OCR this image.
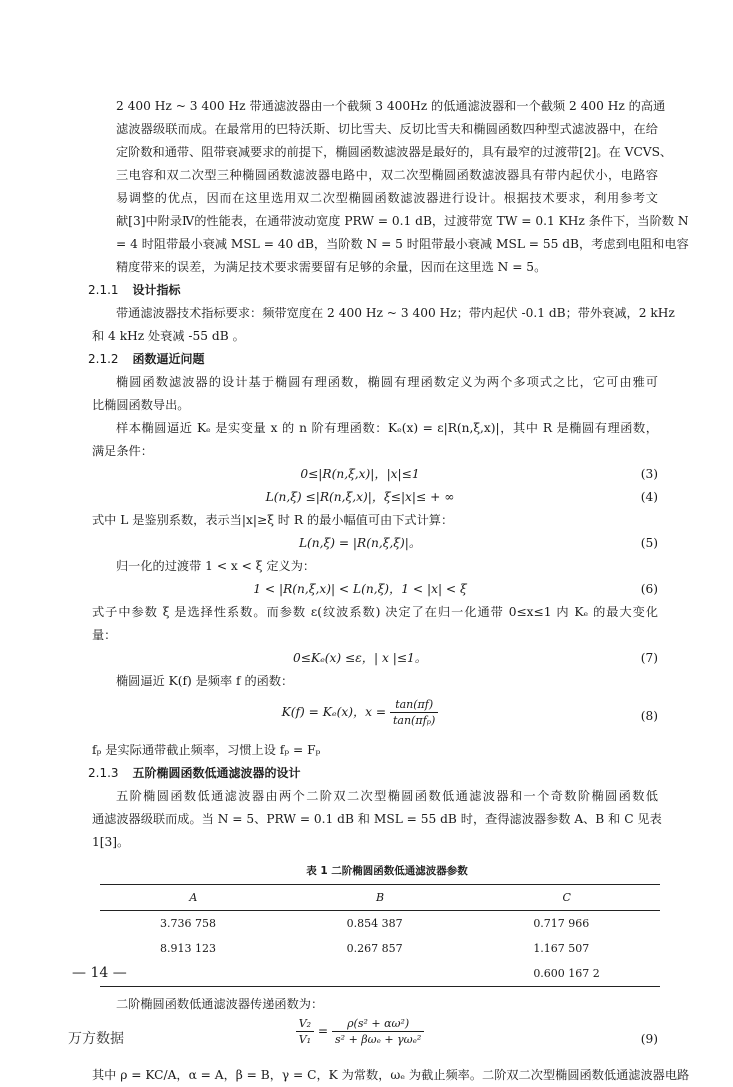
2 400 Hz ~ 3 400 Hz 带通滤波器由一个截频 3 400Hz 的低通滤波器和一个截频 2 400 Hz 的高通
滤波器级联而成。在最常用的巴特沃斯、切比雪夫、反切比雪夫和椭圆函数四种型式滤波器中，在给
定阶数和通带、阻带衰减要求的前提下，椭圆函数滤波器是最好的，具有最窄的过渡带[2]。在 VCVS、
三电容和双二次型三种椭圆函数滤波器电路中，双二次型椭圆函数滤波器具有带内起伏小，电路容
易调整的优点，因而在这里选用双二次型椭圆函数滤波器进行设计。根据技术要求，利用参考文
献[3]中附录Ⅳ的性能表，在通带波动宽度 PRW = 0.1 dB，过渡带宽 TW = 0.1 KHz 条件下，当阶数 N
= 4 时阻带最小衰减 MSL = 40 dB，当阶数 N = 5 时阻带最小衰减 MSL = 55 dB，考虑到电阻和电容
精度带来的误差，为满足技术要求需要留有足够的余量，因而在这里选 N = 5。

2.1.1 设计指标

带通滤波器技术指标要求：频带宽度在 2 400 Hz ~ 3 400 Hz；带内起伏 -0.1 dB；带外衰减，2 kHz
和 4 kHz 处衰减 -55 dB 。

2.1.2 函数逼近问题

椭圆函数滤波器的设计基于椭圆有理函数，椭圆有理函数定义为两个多项式之比，它可由雅可
比椭圆函数导出。

样本椭圆逼近 Kₑ 是实变量 x 的 n 阶有理函数：Kₑ(x) = ε|R(n,ξ,x)|，其中 R 是椭圆有理函数，
满足条件：

0≤|R(n,ξ,x)|，|x|≤1	(3)
L(n,ξ) ≤|R(n,ξ,x)|，ξ≤|x|≤ + ∞	(4)
式中 L 是鉴别系数，表示当|x|≥ξ 时 R 的最小幅值可由下式计算：
L(n,ξ) = |R(n,ξ,ξ)|。	(5)
归一化的过渡带 1 < x < ξ 定义为：
1 < |R(n,ξ,x)| < L(n,ξ)，1 < |x| < ξ	(6)

式子中参数 ξ 是选择性系数。而参数 ε(纹波系数) 决定了在归一化通带 0≤x≤1 内 Kₑ 的最大变化
量：

0≤Kₑ(x) ≤ε，| x |≤1。	(7)
椭圆逼近 K(f) 是频率 f 的函数：
K(f) = Kₑ(x)，$x = \frac{\tan(\pi f)}{\text{tan(πfₚ)}}$	(8)
fₚ 是实际通带截止频率，习惯上设 fₚ = Fₚ
2.1.3 五阶椭圆函数低通滤波器的设计

五阶椭圆函数低通滤波器由两个二阶双二次型椭圆函数低通滤波器和一个奇数阶椭圆函数低
通滤波器级联而成。当 N = 5、PRW = 0.1 dB 和 MSL = 55 dB 时，查得滤波器参数 A、B 和 C 见表
1[3]。

表 1 二阶椭圆函数低通滤波器参数
A	B	C
3.736 758	0.854 387	0.717 966
8.913 123	0.267 857	1.167 507
		0.600 167 2
二阶椭圆函数低通滤波器传递函数为：
$\frac{\text{V₂}}{\text{V₁}} = \frac{\text{ρ(s² + αω²)}}{\text{s² + βωₑ + γωₑ²}}$	(9)
其中 ρ = KC/A，α = A，β = B，γ = C，K 为常数，ωₑ 为截止频率。二阶双二次型椭圆函数低通滤波器电路
— 14 —
万方数据
